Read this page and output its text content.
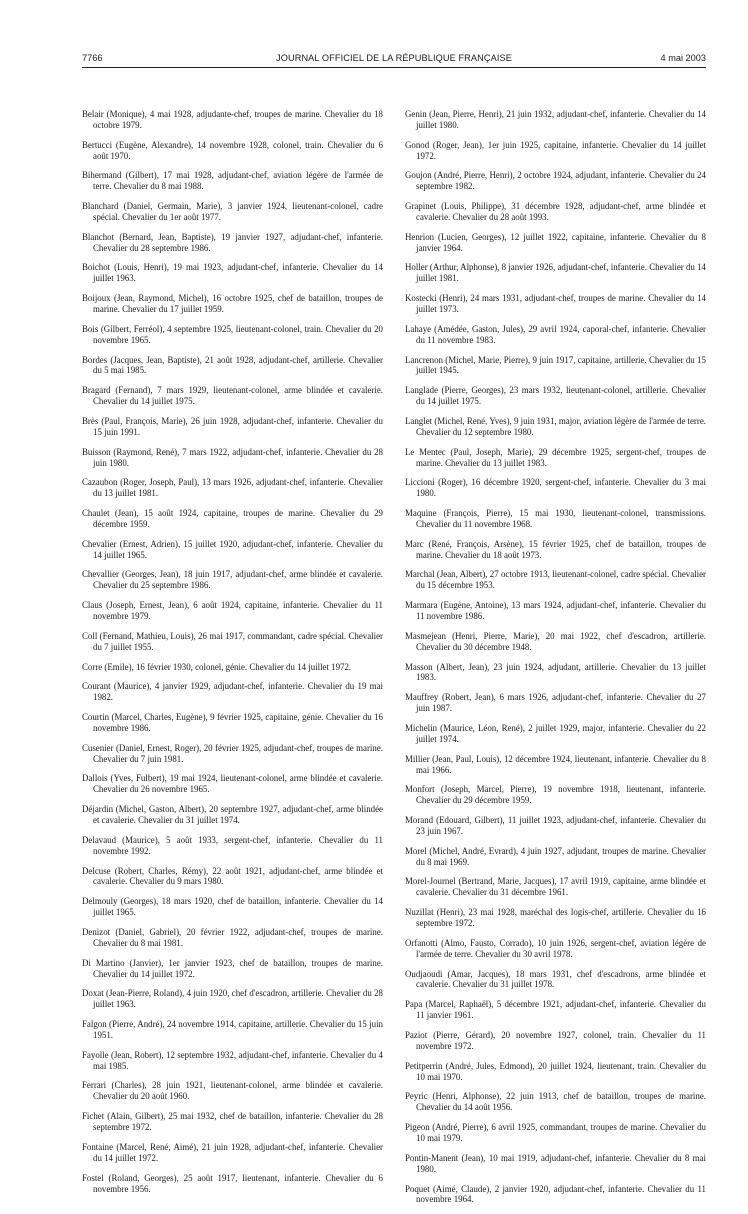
7766	JOURNAL OFFICIEL DE LA RÉPUBLIQUE FRANÇAISE	4 mai 2003

Belair (Monique), 4 mai 1928, adjudante-chef, troupes de marine. Chevalier du 18 octobre 1979.

Bertucci (Eugène, Alexandre), 14 novembre 1928, colonel, train. Chevalier du 6 août 1970.

Bihermand (Gilbert), 17 mai 1928, adjudant-chef, aviation légère de l'armée de terre. Chevalier du 8 mai 1988.

Blanchard (Daniel, Germain, Marie), 3 janvier 1924, lieutenant-colonel, cadre spécial. Chevalier du 1er août 1977.

Blanchot (Bernard, Jean, Baptiste), 19 janvier 1927, adjudant-chef, infanterie. Chevalier du 28 septembre 1986.

Boichot (Louis, Henri), 19 mai 1923, adjudant-chef, infanterie. Chevalier du 14 juillet 1963.

Boijoux (Jean, Raymond, Michel), 16 octobre 1925, chef de bataillon, troupes de marine. Chevalier du 17 juillet 1959.

Bois (Gilbert, Ferréol), 4 septembre 1925, lieutenant-colonel, train. Chevalier du 20 novembre 1965.

Bordes (Jacques, Jean, Baptiste), 21 août 1928, adjudant-chef, artillerie. Chevalier du 5 mai 1985.

Bragard (Fernand), 7 mars 1929, lieutenant-colonel, arme blindée et cavalerie. Chevalier du 14 juillet 1975.

Brès (Paul, François, Marie), 26 juin 1928, adjudant-chef, infanterie. Chevalier du 15 juin 1991.

Buisson (Raymond, René), 7 mars 1922, adjudant-chef, infanterie. Chevalier du 28 juin 1980.

Cazaubon (Roger, Joseph, Paul), 13 mars 1926, adjudant-chef, infanterie. Chevalier du 13 juillet 1981.

Chaulet (Jean), 15 août 1924, capitaine, troupes de marine. Chevalier du 29 décembre 1959.

Chevalier (Ernest, Adrien), 15 juillet 1920, adjudant-chef, infanterie. Chevalier du 14 juillet 1965.

Chevallier (Georges, Jean), 18 juin 1917, adjudant-chef, arme blindée et cavalerie. Chevalier du 25 septembre 1986.

Claus (Joseph, Ernest, Jean), 6 août 1924, capitaine, infanterie. Chevalier du 11 novembre 1979.

Coll (Fernand, Mathieu, Louis), 26 mai 1917, commandant, cadre spécial. Chevalier du 7 juillet 1955.

Corre (Emile), 16 février 1930, colonel, génie. Chevalier du 14 juillet 1972.

Courant (Maurice), 4 janvier 1929, adjudant-chef, infanterie. Chevalier du 19 mai 1982.

Courtin (Marcel, Charles, Eugène), 9 février 1925, capitaine, génie. Chevalier du 16 novembre 1986.

Cusenier (Daniel, Ernest, Roger), 20 février 1925, adjudant-chef, troupes de marine. Chevalier du 7 juin 1981.

Dallois (Yves, Fulbert), 19 mai 1924, lieutenant-colonel, arme blindée et cavalerie. Chevalier du 26 novembre 1965.

Déjardin (Michel, Gaston, Albert), 20 septembre 1927, adjudant-chef, arme blindée et cavalerie. Chevalier du 31 juillet 1974.

Delavaud (Maurice), 5 août 1933, sergent-chef, infanterie. Chevalier du 11 novembre 1992.

Delcuse (Robert, Charles, Rémy), 22 août 1921, adjudant-chef, arme blindée et cavalerie. Chevalier du 9 mars 1980.

Delmouly (Georges), 18 mars 1920, chef de bataillon, infanterie. Chevalier du 14 juillet 1965.

Denizot (Daniel, Gabriel), 20 février 1922, adjudant-chef, troupes de marine. Chevalier du 8 mai 1981.

Di Martino (Janvier), 1er janvier 1923, chef de bataillon, troupes de marine. Chevalier du 14 juillet 1972.

Doxat (Jean-Pierre, Roland), 4 juin 1920, chef d'escadron, artillerie. Chevalier du 28 juillet 1963.

Falgon (Pierre, André), 24 novembre 1914, capitaine, artillerie. Chevalier du 15 juin 1951.

Fayolle (Jean, Robert), 12 septembre 1932, adjudant-chef, infanterie. Chevalier du 4 mai 1985.

Ferrari (Charles), 28 juin 1921, lieutenant-colonel, arme blindée et cavalerie. Chevalier du 20 août 1960.

Fichet (Alain, Gilbert), 25 mai 1932, chef de bataillon, infanterie. Chevalier du 28 septembre 1972.

Fontaine (Marcel, René, Aimé), 21 juin 1928, adjudant-chef, infanterie. Chevalier du 14 juillet 1972.

Fostel (Roland, Georges), 25 août 1917, lieutenant, infanterie. Chevalier du 6 novembre 1956.

Genin (Jean, Pierre, Henri), 21 juin 1932, adjudant-chef, infanterie. Chevalier du 14 juillet 1980.

Gonod (Roger, Jean), 1er juin 1925, capitaine, infanterie. Chevalier du 14 juillet 1972.

Goujon (André, Pierre, Henri), 2 octobre 1924, adjudant, infanterie. Chevalier du 24 septembre 1982.

Grapinet (Louis, Philippe), 31 décembre 1928, adjudant-chef, arme blindée et cavalerie. Chevalier du 28 août 1993.

Henrion (Lucien, Georges), 12 juillet 1922, capitaine, infanterie. Chevalier du 8 janvier 1964.

Holler (Arthur, Alphonse), 8 janvier 1926, adjudant-chef, infanterie. Chevalier du 14 juillet 1981.

Kostecki (Henri), 24 mars 1931, adjudant-chef, troupes de marine. Chevalier du 14 juillet 1973.

Lahaye (Amédée, Gaston, Jules), 29 avril 1924, caporal-chef, infanterie. Chevalier du 11 novembre 1983.

Lancrenon (Michel, Marie, Pierre), 9 juin 1917, capitaine, artillerie. Chevalier du 15 juillet 1945.

Langlade (Pierre, Georges), 23 mars 1932, lieutenant-colonel, artillerie. Chevalier du 14 juillet 1975.

Langlet (Michel, René, Yves), 9 juin 1931, major, aviation légère de l'armée de terre. Chevalier du 12 septembre 1980.

Le Mentec (Paul, Joseph, Marie), 29 décembre 1925, sergent-chef, troupes de marine. Chevalier du 13 juillet 1983.

Liccioni (Roger), 16 décembre 1920, sergent-chef, infanterie. Chevalier du 3 mai 1980.

Maquine (François, Pierre), 15 mai 1930, lieutenant-colonel, transmissions. Chevalier du 11 novembre 1968.

Marc (René, François, Arsène), 15 février 1925, chef de bataillon, troupes de marine. Chevalier du 18 août 1973.

Marchal (Jean, Albert), 27 octobre 1913, lieutenant-colonel, cadre spécial. Chevalier du 15 décembre 1953.

Marmara (Eugène, Antoine), 13 mars 1924, adjudant-chef, infanterie. Chevalier du 11 novembre 1986.

Masmejean (Henri, Pierre, Marie), 20 mai 1922, chef d'escadron, artillerie. Chevalier du 30 décembre 1948.

Masson (Albert, Jean), 23 juin 1924, adjudant, artillerie. Chevalier du 13 juillet 1983.

Mauffrey (Robert, Jean), 6 mars 1926, adjudant-chef, infanterie. Chevalier du 27 juin 1987.

Michelin (Maurice, Léon, René), 2 juillet 1929, major, infanterie. Chevalier du 22 juillet 1974.

Millier (Jean, Paul, Louis), 12 décembre 1924, lieutenant, infanterie. Chevalier du 8 mai 1966.

Monfort (Joseph, Marcel, Pierre), 19 novembre 1918, lieutenant, infanterie. Chevalier du 29 décembre 1959.

Morand (Edouard, Gilbert), 11 juillet 1923, adjudant-chef, infanterie. Chevalier du 23 juin 1967.

Morel (Michel, André, Evrard), 4 juin 1927, adjudant, troupes de marine. Chevalier du 8 mai 1969.

Morel-Journel (Bertrand, Marie, Jacques), 17 avril 1919, capitaine, arme blindée et cavalerie. Chevalier du 31 décembre 1961.

Nuzillat (Henri), 23 mai 1928, maréchal des logis-chef, artillerie. Chevalier du 16 septembre 1972.

Orfanotti (Almo, Fausto, Corrado), 10 juin 1926, sergent-chef, aviation légère de l'armée de terre. Chevalier du 30 avril 1978.

Oudjaoudi (Amar, Jacques), 18 mars 1931, chef d'escadrons, arme blindée et cavalerie. Chevalier du 31 juillet 1978.

Papa (Marcel, Raphaël), 5 décembre 1921, adjudant-chef, infanterie. Chevalier du 11 janvier 1961.

Paziot (Pierre, Gérard), 20 novembre 1927, colonel, train. Chevalier du 11 novembre 1972.

Petitperrin (André, Jules, Edmond), 20 juillet 1924, lieutenant, train. Chevalier du 10 mai 1970.

Peyric (Henri, Alphonse), 22 juin 1913, chef de bataillon, troupes de marine. Chevalier du 14 août 1956.

Pigeon (André, Pierre), 6 avril 1925, commandant, troupes de marine. Chevalier du 10 mai 1979.

Pontin-Manent (Jean), 10 mai 1919, adjudant-chef, infanterie. Chevalier du 8 mai 1980.

Poquet (Aimé, Claude), 2 janvier 1920, adjudant-chef, infanterie. Chevalier du 11 novembre 1964.
